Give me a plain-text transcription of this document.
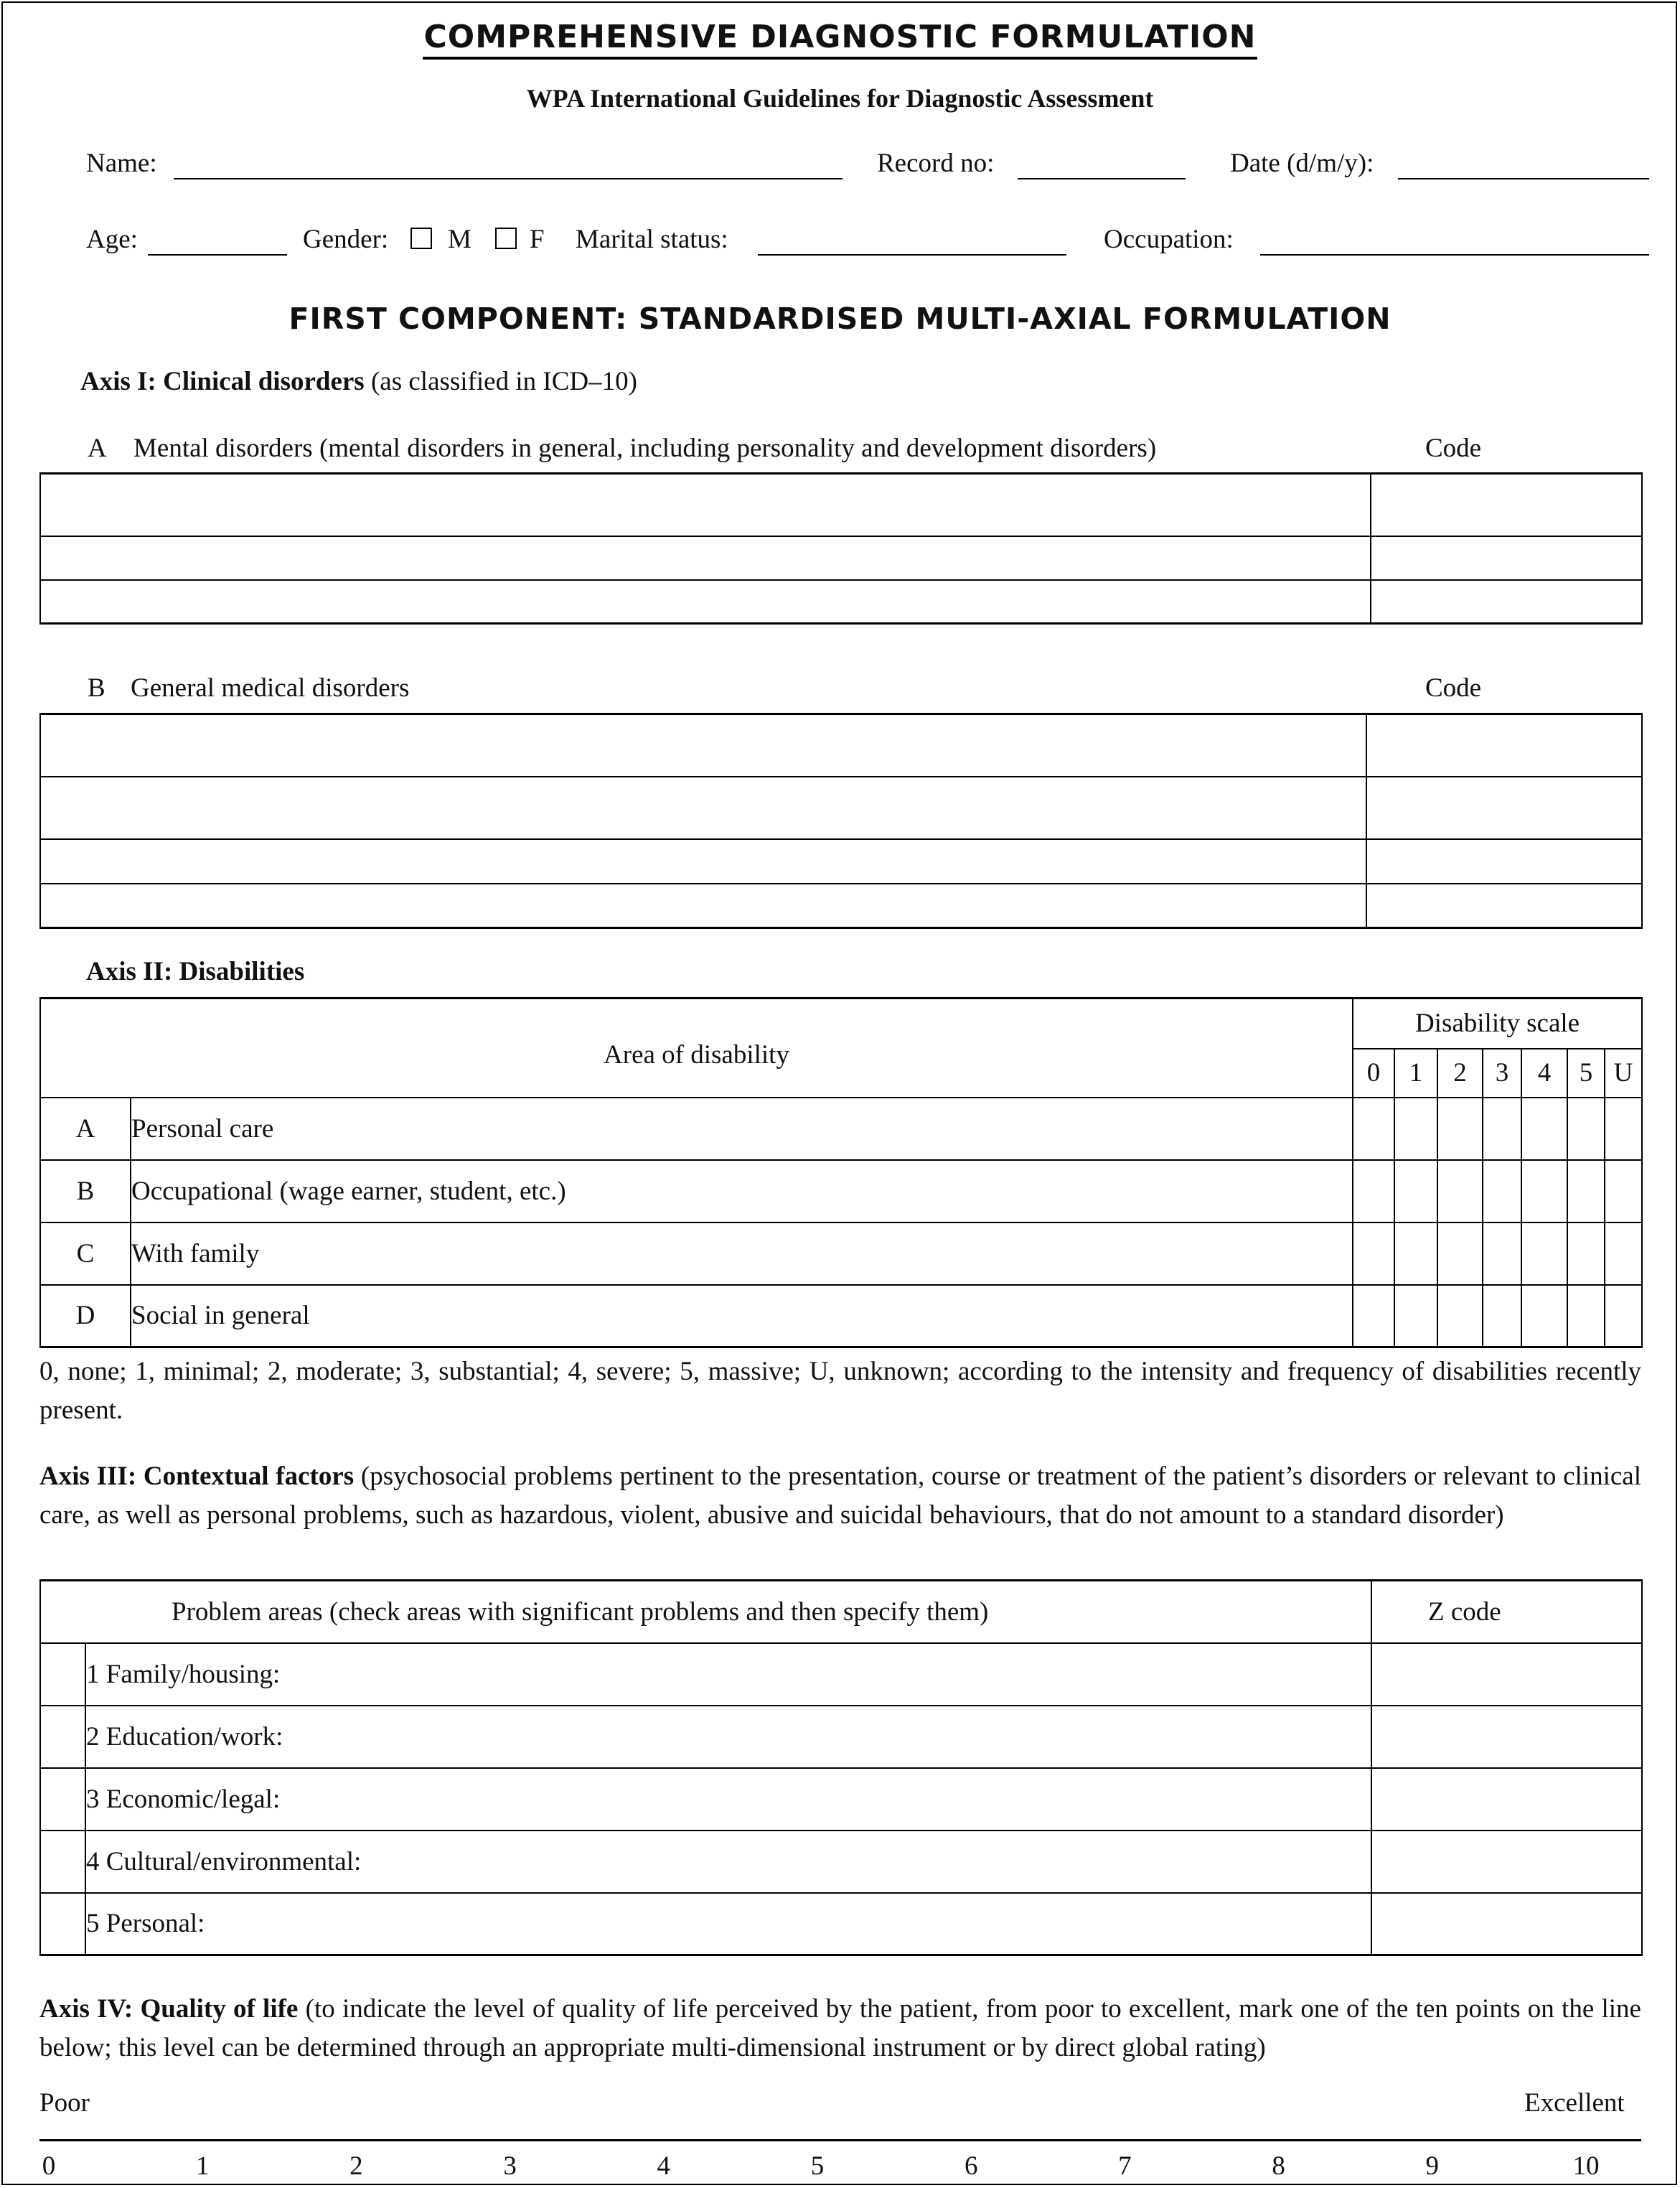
COMPREHENSIVE DIAGNOSTIC FORMULATION
WPA International Guidelines for Diagnostic Assessment
Name:	Record no:	Date (d/m/y):
Age:	Gender: M F Marital status:	Occupation:
FIRST COMPONENT: STANDARDISED MULTI-AXIAL FORMULATION
Axis I: Clinical disorders (as classified in ICD–10)
A Mental disorders (mental disorders in general, including personality and development disorders)	Code

B General medical disorders	Code

Axis II: Disabilities
Area of disability		Disability scale						
		0	1	2	3	4	5	U
A	Personal care							
B	Occupational (wage earner, student, etc.)							
C	With family							
D	Social in general							
0, none; 1, minimal; 2, moderate; 3, substantial; 4, severe; 5, massive; U, unknown; according to the intensity and frequency of disabilities recently present.
Axis III: Contextual factors (psychosocial problems pertinent to the presentation, course or treatment of the patient’s disorders or relevant to clinical care, as well as personal problems, such as hazardous, violent, abusive and suicidal behaviours, that do not amount to a standard disorder)
Problem areas (check areas with significant problems and then specify them)		Z code
	1 Family/housing:	
	2 Education/work:	
	3 Economic/legal:	
	4 Cultural/environmental:	
	5 Personal:	
Axis IV: Quality of life (to indicate the level of quality of life perceived by the patient, from poor to excellent, mark one of the ten points on the line below; this level can be determined through an appropriate multi-dimensional instrument or by direct global rating)
Poor	Excellent
0	1	2	3	4	5	6	7	8	9	10
